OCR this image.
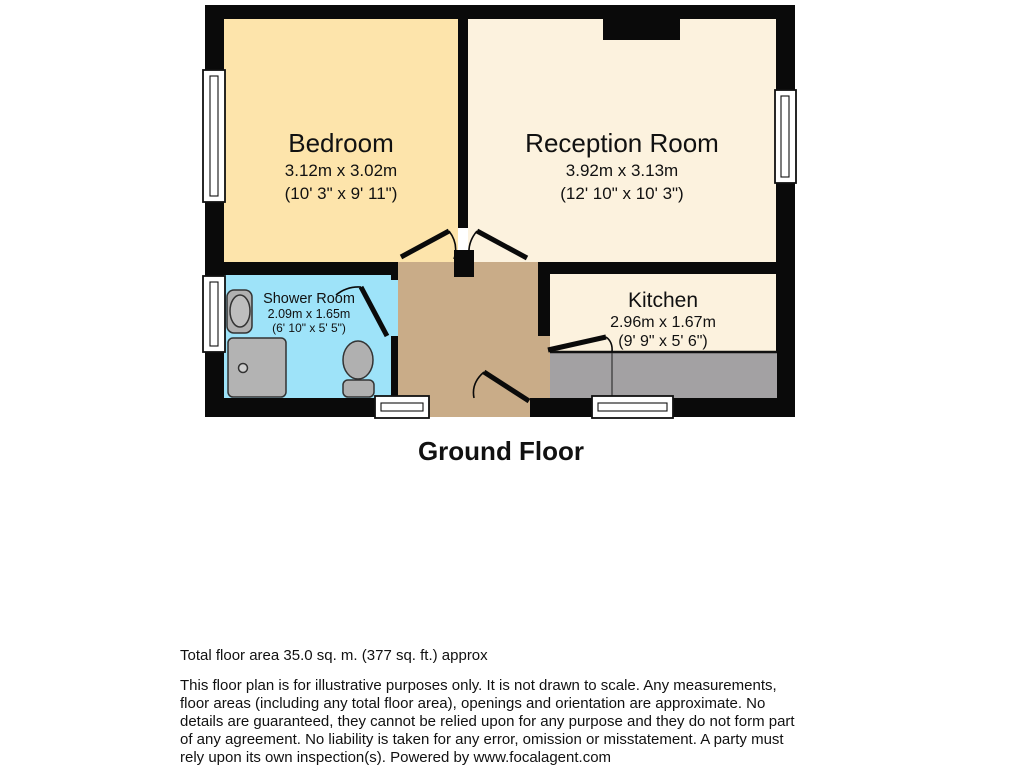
Bedroom
3.12m x 3.02m
(10' 3" x 9' 11")
Reception Room
3.92m x 3.13m
(12' 10" x 10' 3")
Shower Room
2.09m x 1.65m
(6' 10" x 5' 5")
Kitchen
2.96m x 1.67m
(9' 9" x 5' 6")
Ground Floor
Total floor area 35.0 sq. m. (377 sq. ft.) approx
This floor plan is for illustrative purposes only. It is not drawn to scale. Any measurements, floor areas (including any total floor area), openings and orientation are approximate. No details are guaranteed, they cannot be relied upon for any purpose and they do not form part of any agreement. No liability is taken for any error, omission or misstatement. A party must rely upon its own inspection(s). Powered by www.focalagent.com
